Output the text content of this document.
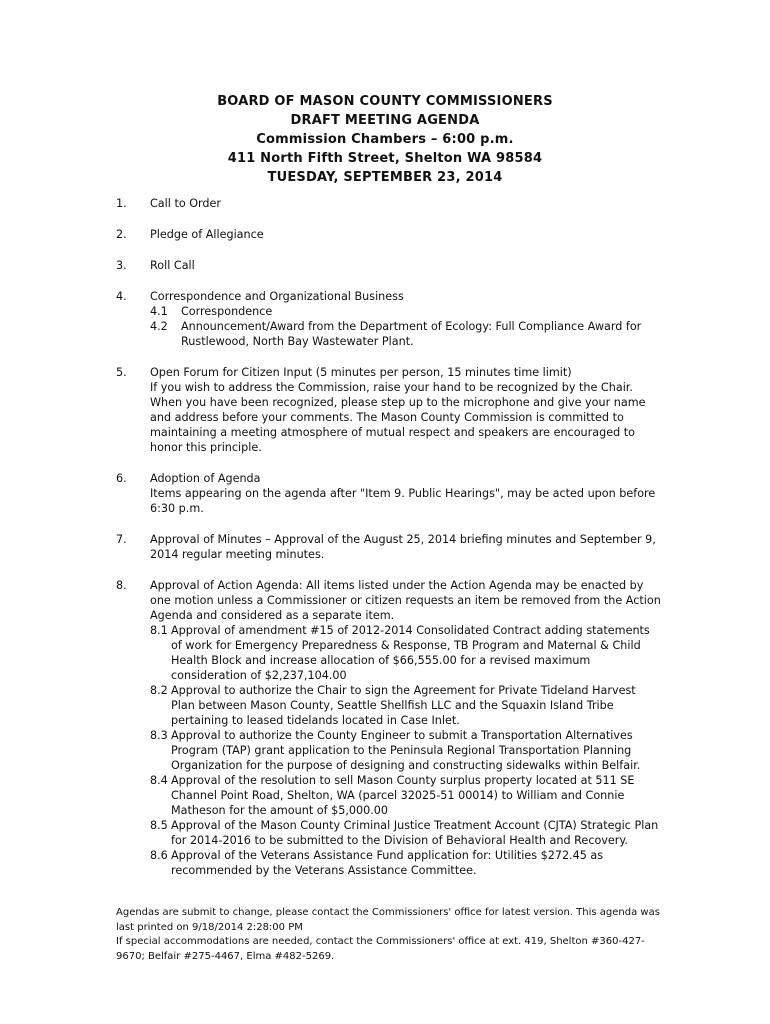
BOARD OF MASON COUNTY COMMISSIONERS
DRAFT MEETING AGENDA
Commission Chambers – 6:00 p.m.
411 North Fifth Street, Shelton WA 98584
TUESDAY, SEPTEMBER 23, 2014
1.	Call to Order
2.	Pledge of Allegiance
3.	Roll Call
4.	Correspondence and Organizational Business
4.1	Correspondence
4.2	Announcement/Award from the Department of Ecology: Full Compliance Award for Rustlewood, North Bay Wastewater Plant.
5.	Open Forum for Citizen Input (5 minutes per person, 15 minutes time limit)
If you wish to address the Commission, raise your hand to be recognized by the Chair. When you have been recognized, please step up to the microphone and give your name and address before your comments. The Mason County Commission is committed to maintaining a meeting atmosphere of mutual respect and speakers are encouraged to honor this principle.
6.	Adoption of Agenda
Items appearing on the agenda after "Item 9. Public Hearings", may be acted upon before 6:30 p.m.
7.	Approval of Minutes – Approval of the August 25, 2014 briefing minutes and September 9, 2014 regular meeting minutes.
8.	Approval of Action Agenda: All items listed under the Action Agenda may be enacted by one motion unless a Commissioner or citizen requests an item be removed from the Action Agenda and considered as a separate item.
8.1 Approval of amendment #15 of 2012-2014 Consolidated Contract adding statements of work for Emergency Preparedness & Response, TB Program and Maternal & Child Health Block and increase allocation of $66,555.00 for a revised maximum consideration of $2,237,104.00
8.2 Approval to authorize the Chair to sign the Agreement for Private Tideland Harvest Plan between Mason County, Seattle Shellfish LLC and the Squaxin Island Tribe pertaining to leased tidelands located in Case Inlet.
8.3 Approval to authorize the County Engineer to submit a Transportation Alternatives Program (TAP) grant application to the Peninsula Regional Transportation Planning Organization for the purpose of designing and constructing sidewalks within Belfair.
8.4 Approval of the resolution to sell Mason County surplus property located at 511 SE Channel Point Road, Shelton, WA (parcel 32025-51 00014) to William and Connie Matheson for the amount of $5,000.00
8.5 Approval of the Mason County Criminal Justice Treatment Account (CJTA) Strategic Plan for 2014-2016 to be submitted to the Division of Behavioral Health and Recovery.
8.6 Approval of the Veterans Assistance Fund application for: Utilities $272.45 as recommended by the Veterans Assistance Committee.
Agendas are submit to change, please contact the Commissioners' office for latest version. This agenda was last printed on 9/18/2014 2:28:00 PM
If special accommodations are needed, contact the Commissioners' office at ext. 419, Shelton #360-427-9670; Belfair #275-4467, Elma #482-5269.
